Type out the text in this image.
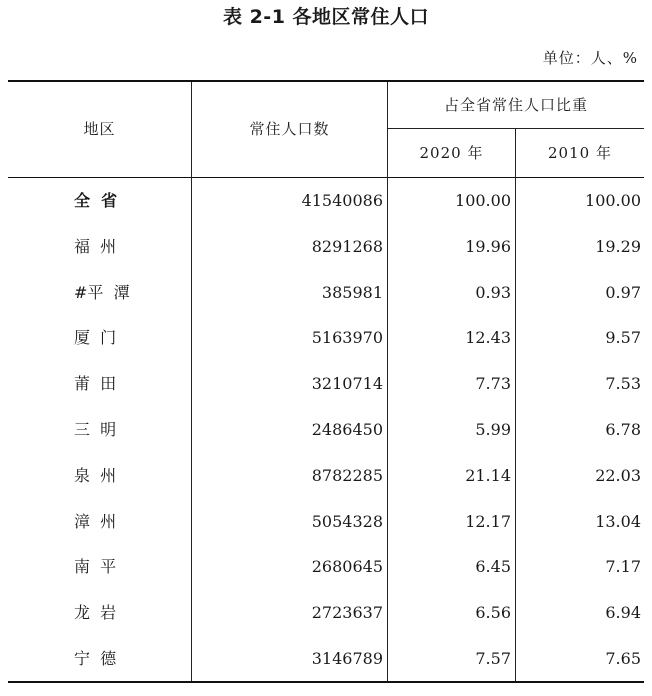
表 2-1 各地区常住人口
单位：人、%
地区	常住人口数
占全省常住人口比重
2020 年	2010 年
全  省	41540086	100.00	100.00
福  州	8291268	19.96	19.29
#平  潭	385981	0.93	0.97
厦  门	5163970	12.43	9.57
莆  田	3210714	7.73	7.53
三  明	2486450	5.99	6.78
泉  州	8782285	21.14	22.03
漳  州	5054328	12.17	13.04
南  平	2680645	6.45	7.17
龙  岩	2723637	6.56	6.94
宁  德	3146789	7.57	7.65
